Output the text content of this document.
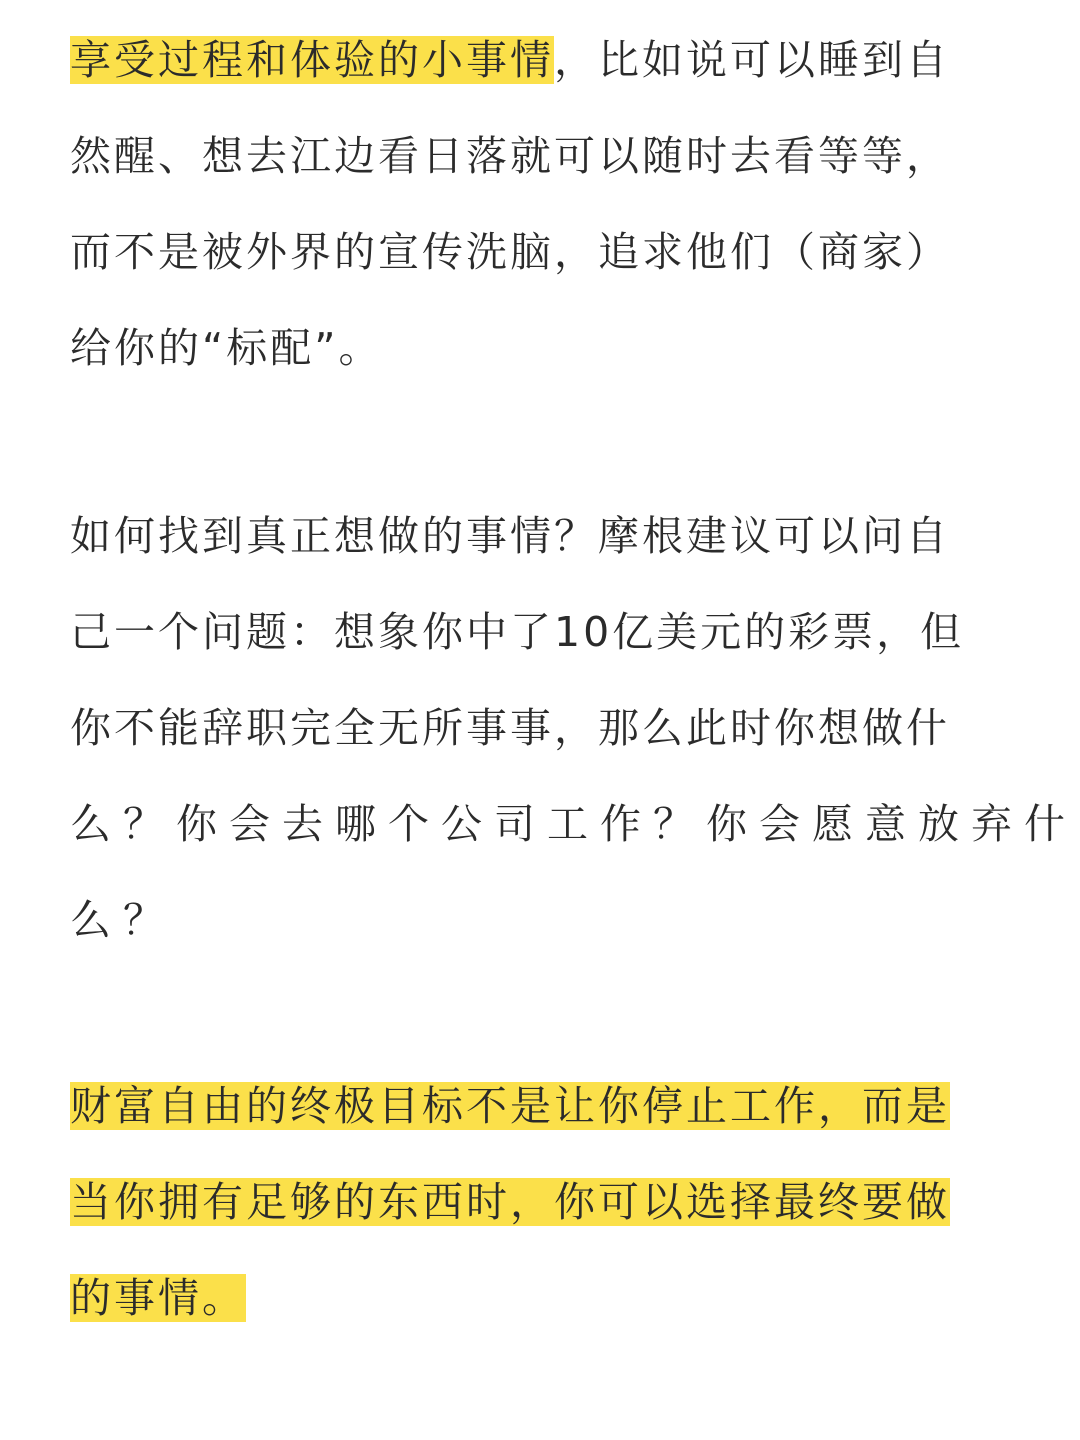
享受过程和体验的小事情，比如说可以睡到自
然醒、想去江边看日落就可以随时去看等等，
而不是被外界的宣传洗脑，追求他们（商家）
给你的“标配”。
如何找到真正想做的事情？摩根建议可以问自
己一个问题：想象你中了10亿美元的彩票，但
你不能辞职完全无所事事，那么此时你想做什
么？你会去哪个公司工作？你会愿意放弃什
么？
财富自由的终极目标不是让你停止工作，而是
当你拥有足够的东西时，你可以选择最终要做
的事情。
